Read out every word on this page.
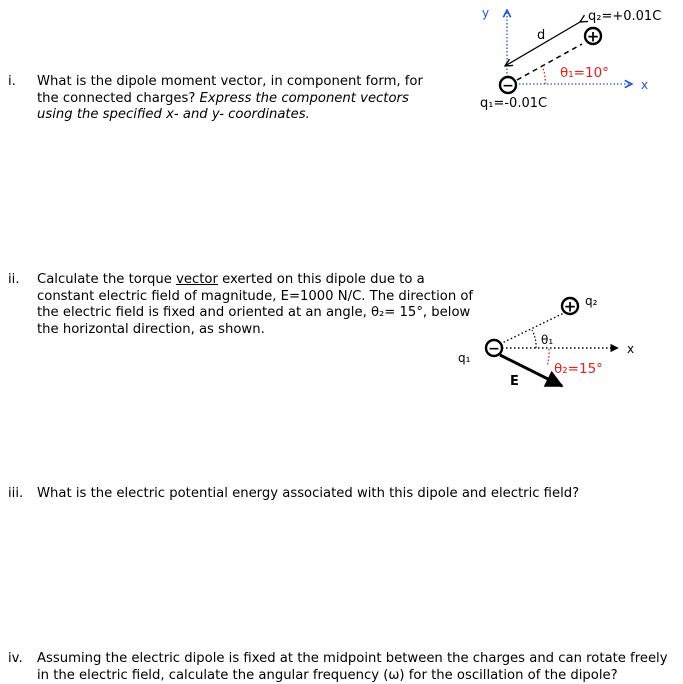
i. What is the dipole moment vector, in component form, for the connected charges? Express the component vectors using the specified x- and y- coordinates.
ii. Calculate the torque vector exerted on this dipole due to a constant electric field of magnitude, E=1000 N/C. The direction of the electric field is fixed and oriented at an angle, θ₂= 15°, below the horizontal direction, as shown.
iii. What is the electric potential energy associated with this dipole and electric field?
iv. Assuming the electric dipole is fixed at the midpoint between the charges and can rotate freely in the electric field, calculate the angular frequency (ω) for the oscillation of the dipole?
y
x
d
θ₁=10°
+
q₂=+0.01C
−
q₁=-0.01C
x
θ₁
θ₂=15°
E
+ q₂
−
q₁
